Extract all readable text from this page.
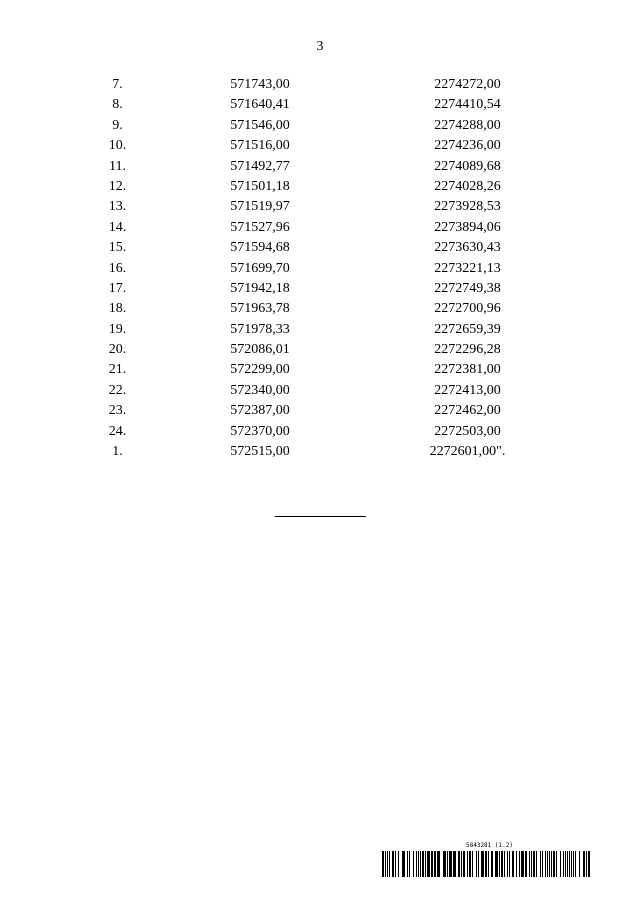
3
7.	571743,00	2274272,00
8.	571640,41	2274410,54
9.	571546,00	2274288,00
10.	571516,00	2274236,00
11.	571492,77	2274089,68
12.	571501,18	2274028,26
13.	571519,97	2273928,53
14.	571527,96	2273894,06
15.	571594,68	2273630,43
16.	571699,70	2273221,13
17.	571942,18	2272749,38
18.	571963,78	2272700,96
19.	571978,33	2272659,39
20.	572086,01	2272296,28
21.	572299,00	2272381,00
22.	572340,00	2272413,00
23.	572387,00	2272462,00
24.	572370,00	2272503,00
1.	572515,00	2272601,00".
5843281 (1.2)
